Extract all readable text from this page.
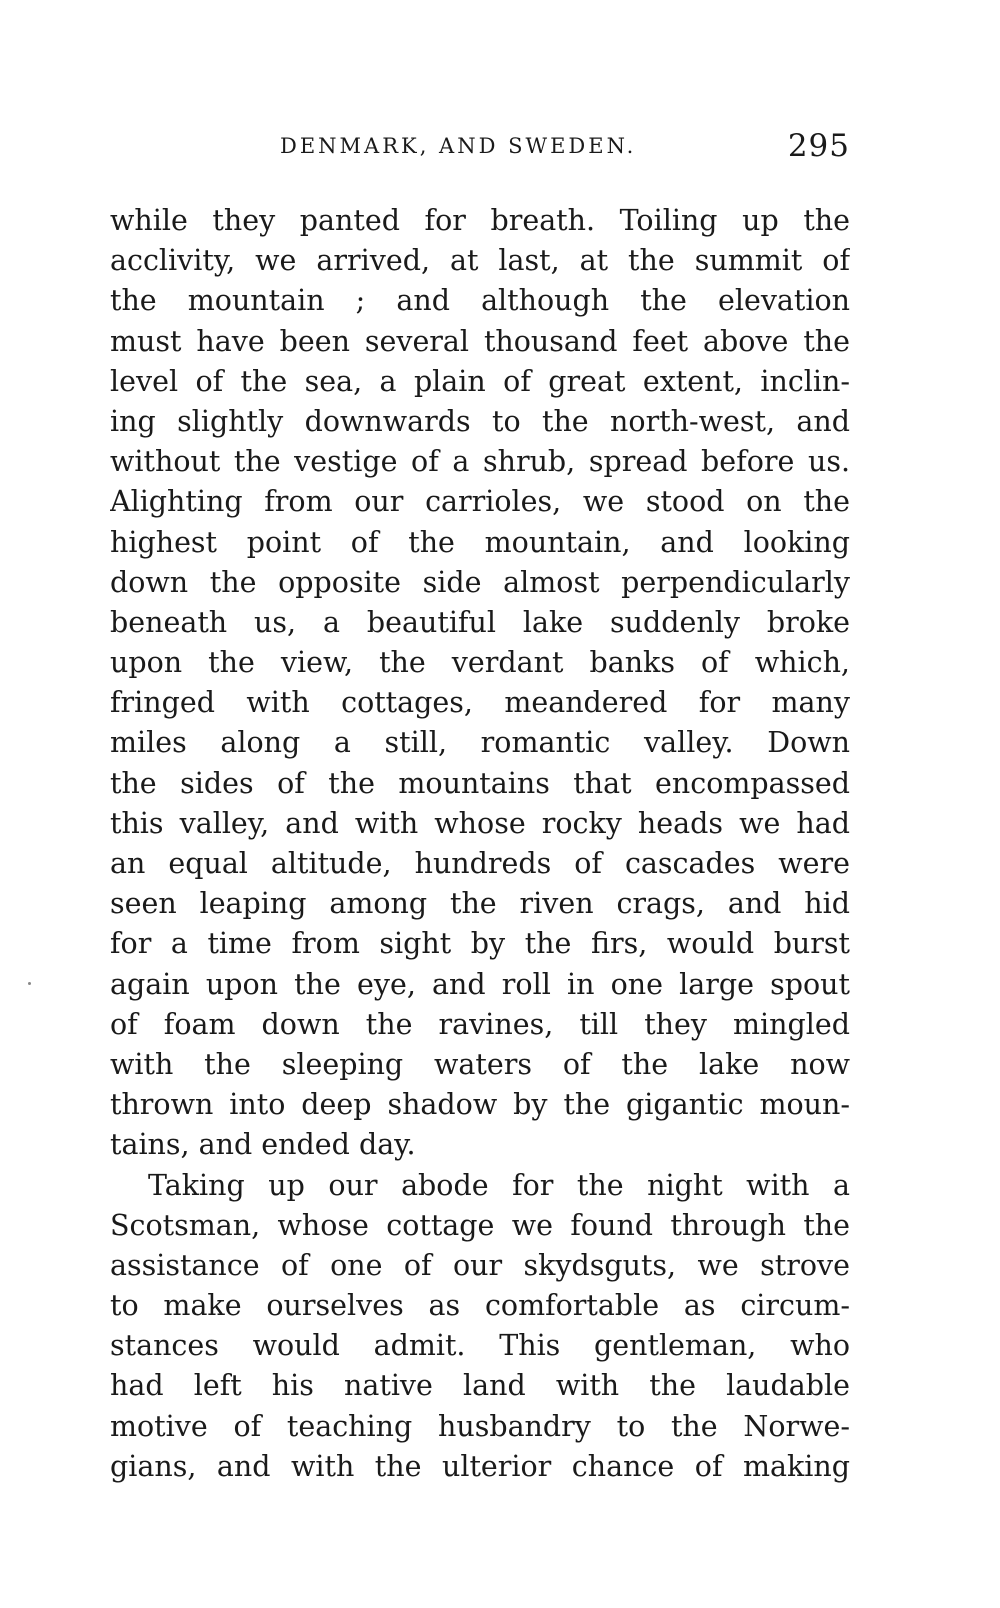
DENMARK, AND SWEDEN.	295
while they panted for breath. Toiling up the
acclivity, we arrived, at last, at the summit of
the mountain ; and although the elevation
must have been several thousand feet above the
level of the sea, a plain of great extent, inclin-
ing slightly downwards to the north-west, and
without the vestige of a shrub, spread before us.
Alighting from our carrioles, we stood on the
highest point of the mountain, and looking
down the opposite side almost perpendicularly
beneath us, a beautiful lake suddenly broke
upon the view, the verdant banks of which,
fringed with cottages, meandered for many
miles along a still, romantic valley. Down
the sides of the mountains that encompassed
this valley, and with whose rocky heads we had
an equal altitude, hundreds of cascades were
seen leaping among the riven crags, and hid
for a time from sight by the firs, would burst
again upon the eye, and roll in one large spout
of foam down the ravines, till they mingled
with the sleeping waters of the lake now
thrown into deep shadow by the gigantic moun-
tains, and ended day.
Taking up our abode for the night with a
Scotsman, whose cottage we found through the
assistance of one of our skydsguts, we strove
to make ourselves as comfortable as circum-
stances would admit. This gentleman, who
had left his native land with the laudable
motive of teaching husbandry to the Norwe-
gians, and with the ulterior chance of making
